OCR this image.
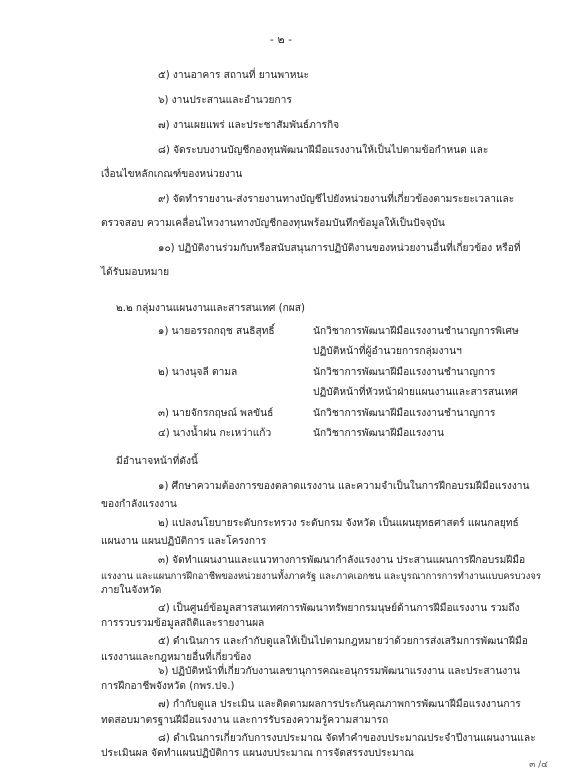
- ๒ -
๕) งานอาคาร สถานที่ ยานพาหนะ
๖) งานประสานและอำนวยการ
๗) งานเผยแพร่ และประชาสัมพันธ์ภารกิจ
๘) จัดระบบงานบัญชีกองทุนพัฒนาฝีมือแรงงานให้เป็นไปตามข้อกำหนด และ
เงื่อนไขหลักเกณฑ์ของหน่วยงาน
๙) จัดทำรายงาน-ส่งรายงานทางบัญชีไปยังหน่วยงานที่เกี่ยวข้องตามระยะเวลาและ
ตรวจสอบ ความเคลื่อนไหวงานทางบัญชีกองทุนพร้อมบันทึกข้อมูลให้เป็นปัจจุบัน
๑๐) ปฏิบัติงานร่วมกับหรือสนับสนุนการปฏิบัติงานของหน่วยงานอื่นที่เกี่ยวข้อง หรือที่
ได้รับมอบหมาย
๒.๒ กลุ่มงานแผนงานและสารสนเทศ (กผส)
๑) นายอรรถกฤช สนธิสุทธิ์	นักวิชาการพัฒนาฝีมือแรงงานชำนาญการพิเศษ
ปฏิบัติหน้าที่ผู้อำนวยการกลุ่มงานฯ
๒) นางนุจลี ตามล	นักวิชาการพัฒนาฝีมือแรงงานชำนาญการ
ปฏิบัติหน้าที่หัวหน้าฝ่ายแผนงานและสารสนเทศ
๓) นายจักรกฤษณ์ พลขันธ์	นักวิชาการพัฒนาฝีมือแรงงานชำนาญการ
๔) นางน้ำฝน กะเหว่าแก้ว	นักวิชาการพัฒนาฝีมือแรงงาน
มีอำนาจหน้าที่ดังนี้
๑) ศึกษาความต้องการของตลาดแรงงาน และความจำเป็นในการฝึกอบรมฝีมือแรงงาน
ของกำลังแรงงาน
๒) แปลงนโยบายระดับกระทรวง ระดับกรม จังหวัด เป็นแผนยุทธศาสตร์ แผนกลยุทธ์
แผนงาน แผนปฏิบัติการ และโครงการ
๓) จัดทำแผนงานและแนวทางการพัฒนากำลังแรงงาน ประสานแผนการฝึกอบรมฝีมือ
แรงงาน และแผนการฝึกอาชีพของหน่วยงานทั้งภาครัฐ และภาคเอกชน และบูรณาการการทำงานแบบครบวงจร
ภายในจังหวัด
๔) เป็นศูนย์ข้อมูลสารสนเทศการพัฒนาทรัพยากรมนุษย์ด้านการฝีมือแรงงาน รวมถึง
การรวบรวมข้อมูลสถิติและรายงานผล
๕) ดำเนินการ และกำกับดูแลให้เป็นไปตามกฎหมายว่าด้วยการส่งเสริมการพัฒนาฝีมือ
แรงงานและกฎหมายอื่นที่เกี่ยวข้อง
๖) ปฏิบัติหน้าที่เกี่ยวกับงานเลขานุการคณะอนุกรรมพัฒนาแรงงาน และประสานงาน
การฝึกอาชีพจังหวัด (กพร.ปจ.)
๗) กำกับดูแล ประเมิน และติดตามผลการประกันคุณภาพการพัฒนาฝีมือแรงงานการ
ทดสอบมาตรฐานฝีมือแรงงาน และการรับรองความรู้ความสามารถ
๘) ดำเนินการเกี่ยวกับการงบประมาณ จัดทำคำของบประมาณประจำปีงานแผนงานและ
ประเมินผล จัดทำแผนปฏิบัติการ แผนงบประมาณ การจัดสรรงบประมาณ
๓ /๔
